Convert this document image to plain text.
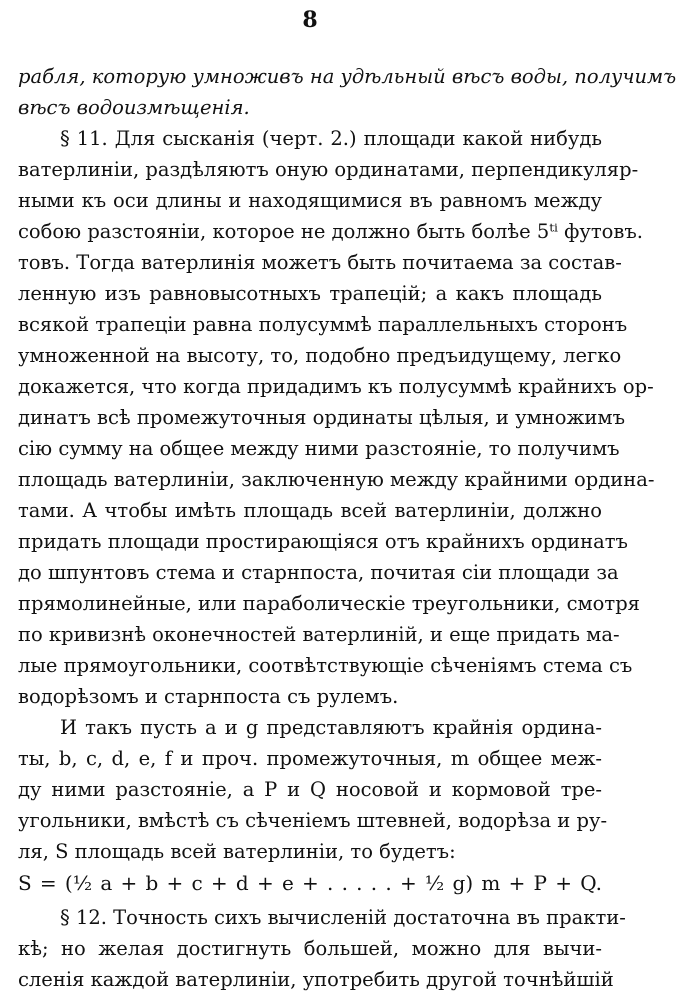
8
рабля, которую умноживъ на удѣльный вѣсъ воды, получимъ
вѣсъ водоизмѣщенія.
§ 11. Для сысканія (черт. 2.) площади какой нибудь
ватерлиніи, раздѣляютъ оную ординатами, перпендикуляр-
ными къ оси длины и находящимися въ равномъ между
собою разстояніи, которое не должно быть болѣе 5ᵗⁱ футовъ.
товъ. Тогда ватерлинія можетъ быть почитаема за состав-
ленную изъ равновысотныхъ трапецій; а какъ площадь
всякой трапеціи равна полусуммѣ параллельныхъ сторонъ
умноженной на высоту, то, подобно предъидущему, легко
докажется, что когда придадимъ къ полусуммѣ крайнихъ ор-
динатъ всѣ промежуточныя ординаты цѣлыя, и умножимъ
сію сумму на общее между ними разстояніе, то получимъ
площадь ватерлиніи, заключенную между крайними ордина-
тами. А чтобы имѣть площадь всей ватерлиніи, должно
придать площади простирающіяся отъ крайнихъ ординатъ
до шпунтовъ стема и старнпоста, почитая сіи площади за
прямолинейные, или параболическіе треугольники, смотря
по кривизнѣ оконечностей ватерлиній, и еще придать ма-
лые прямоугольники, соотвѣтствующіе сѣченіямъ стема съ
водорѣзомъ и старнпоста съ рулемъ.
И такъ пусть a и g представляютъ крайнія ордина-
ты, b, c, d, e, f и проч. промежуточныя, m общее меж-
ду ними разстояніе, а P и Q носовой и кормовой тре-
угольники, вмѣстѣ съ сѣченіемъ штевней, водорѣза и ру-
ля, S площадь всей ватерлиніи, то будетъ:
S = (½ a + b + c + d + e + . . . . . + ½ g) m + P + Q.
§ 12. Точность сихъ вычисленій достаточна въ практи-
кѣ; но желая достигнуть большей, можно для вычи-
сленія каждой ватерлиніи, употребить другой точнѣйшій
